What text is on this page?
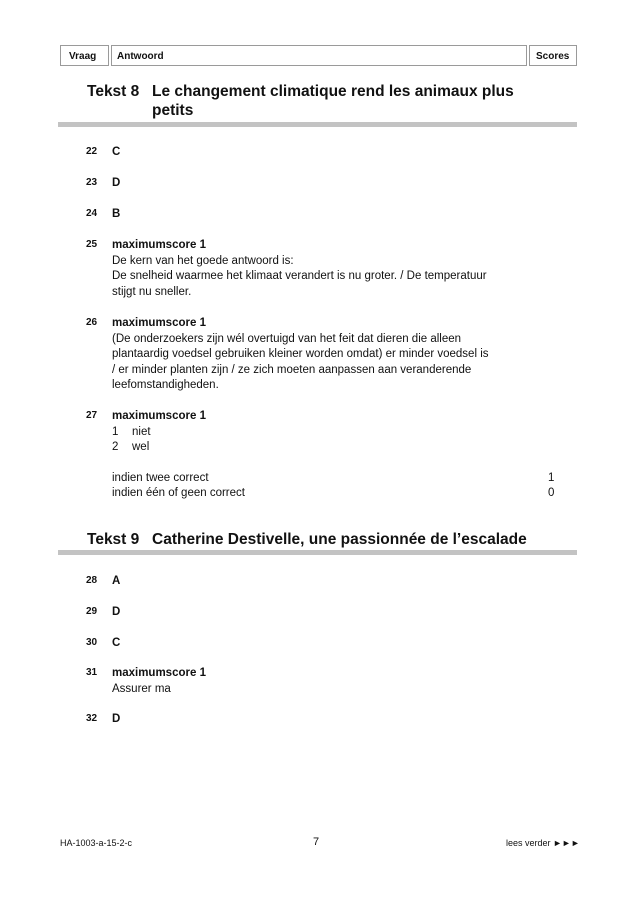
Vraag	Antwoord	Scores
Tekst 8 Le changement climatique rend les animaux plus petits
22 C
23 D
24 B
25 maximumscore 1
De kern van het goede antwoord is:
De snelheid waarmee het klimaat verandert is nu groter. / De temperatuur
stijgt nu sneller.
26 maximumscore 1
(De onderzoekers zijn wél overtuigd van het feit dat dieren die alleen
plantaardig voedsel gebruiken kleiner worden omdat) er minder voedsel is
/ er minder planten zijn / ze zich moeten aanpassen aan veranderende
leefomstandigheden.
27 maximumscore 1
1	niet
2	wel
indien twee correct	1
indien één of geen correct	0
Tekst 9 Catherine Destivelle, une passionnée de l’escalade
28 A
29 D
30 C
31 maximumscore 1
Assurer ma
32 D
HA-1003-a-15-2-c	7	lees verder ►►►
